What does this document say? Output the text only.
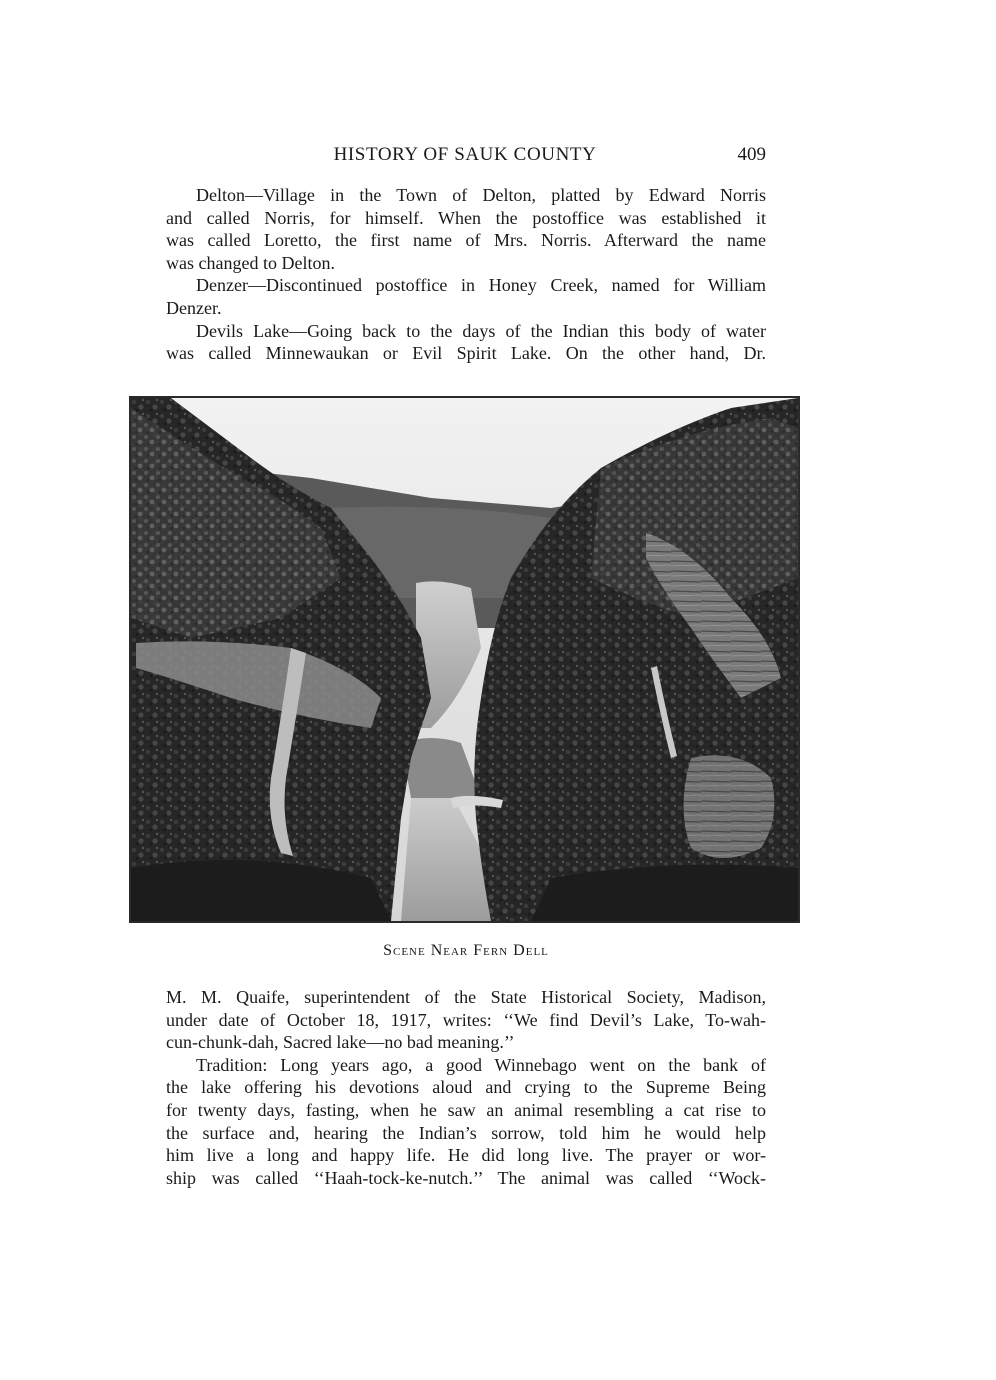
HISTORY OF SAUK COUNTY	409

Delton—Village in the Town of Delton, platted by Edward Norris

and called Norris, for himself. When the postoffice was established it

was called Loretto, the first name of Mrs. Norris. Afterward the name

was changed to Delton.

Denzer—Discontinued postoffice in Honey Creek, named for William

Denzer.

Devils Lake—Going back to the days of the Indian this body of water

was called Minnewaukan or Evil Spirit Lake. On the other hand, Dr.

Scene Near Fern Dell

M. M. Quaife, superintendent of the State Historical Society, Madison,

under date of October 18, 1917, writes: ‘‘We find Devil’s Lake, To-wah-

cun-chunk-dah, Sacred lake—no bad meaning.’’

Tradition: Long years ago, a good Winnebago went on the bank of

the lake offering his devotions aloud and crying to the Supreme Being

for twenty days, fasting, when he saw an animal resembling a cat rise to

the surface and, hearing the Indian’s sorrow, told him he would help

him live a long and happy life. He did long live. The prayer or wor-

ship was called ‘‘Haah-tock-ke-nutch.’’ The animal was called ‘‘Wock-
